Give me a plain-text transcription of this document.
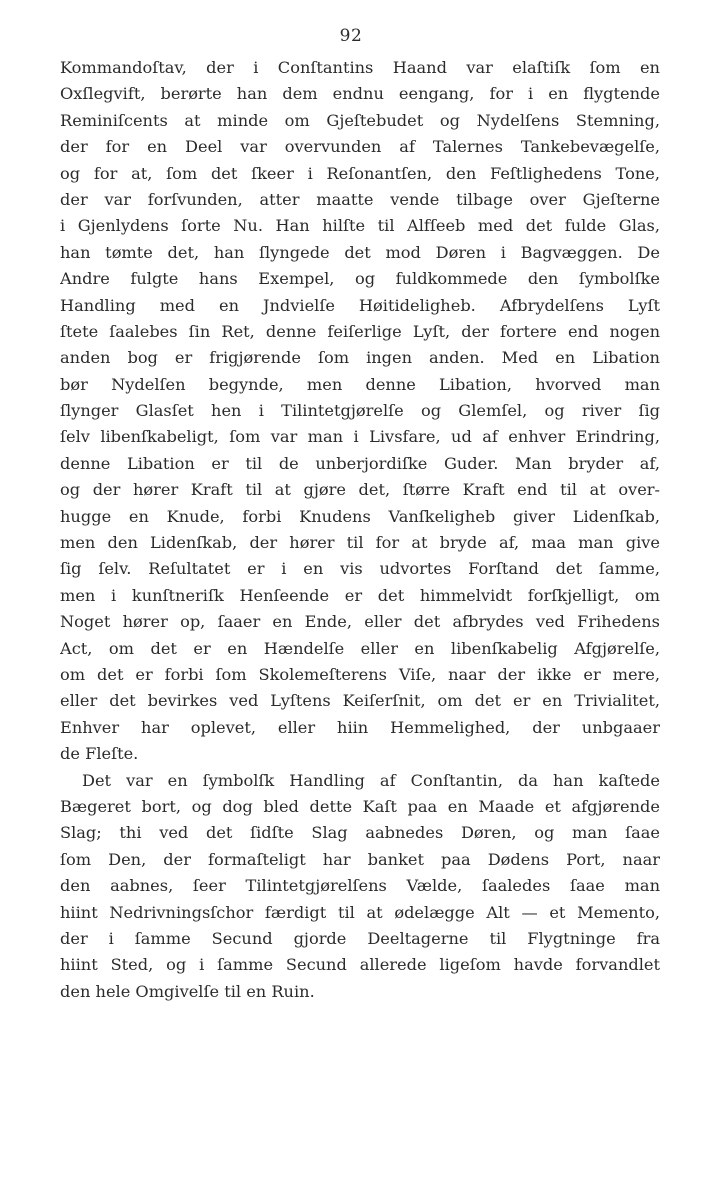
92
Kommandoſtav, der i Conſtantins Haand var elaſtiſk ſom en
Oxſlegvift, berørte han dem endnu eengang, for i en flygtende
Reminiſcents at minde om Gjeſtebudet og Nydelſens Stemning,
der for en Deel var overvunden af Talernes Tankebevægelſe,
og for at, ſom det ſkeer i Reſonantſen, den Feſtlighedens Tone,
der var forſvunden, atter maatte vende tilbage over Gjeſterne
i Gjenlydens ſorte Nu. Han hilſte til Alfſeeb med det fulde Glas,
han tømte det, han ſlyngede det mod Døren i Bagvæggen. De
Andre fulgte hans Exempel, og fuldkommede den ſymbolſke
Handling med en Jndvielſe Høitideligheb. Afbrydelſens Lyſt
ſtete ſaalebes ſin Ret, denne feiſerlige Lyſt, der fortere end nogen
anden bog er frigjørende ſom ingen anden. Med en Libation
bør Nydelſen begynde, men denne Libation, hvorved man
ſlynger Glasſet hen i Tilintetgjørelſe og Glemſel, og river ſig
ſelv libenſkabeligt, ſom var man i Livsfare, ud af enhver Erindring,
denne Libation er til de unberjordiſke Guder. Man bryder af,
og der hører Kraft til at gjøre det, ſtørre Kraft end til at over-
hugge en Knude, forbi Knudens Vanſkeligheb giver Lidenſkab,
men den Lidenſkab, der hører til for at bryde af, maa man give
ſig ſelv. Reſultatet er i en vis udvortes Forſtand det ſamme,
men i kunſtneriſk Henſeende er det himmelvidt forſkjelligt, om
Noget hører op, ſaaer en Ende, eller det afbrydes ved Frihedens
Act, om det er en Hændelſe eller en libenſkabelig Afgjørelſe,
om det er forbi ſom Skolemeſterens Viſe, naar der ikke er mere,
eller det bevirkes ved Lyſtens Keiſerſnit, om det er en Trivialitet,
Enhver har oplevet, eller hiin Hemmelighed, der unbgaaer
de Fleſte.
Det var en ſymbolſk Handling af Conſtantin, da han kaſtede
Bægeret bort, og dog bled dette Kaſt paa en Maade et afgjørende
Slag; thi ved det ſidſte Slag aabnedes Døren, og man ſaae
ſom Den, der formaſteligt har banket paa Dødens Port, naar
den aabnes, ſeer Tilintetgjørelſens Vælde, ſaaledes ſaae man
hiint Nedrivningsſchor færdigt til at ødelægge Alt — et Memento,
der i ſamme Secund gjorde Deeltagerne til Flygtninge fra
hiint Sted, og i ſamme Secund allerede ligeſom havde forvandlet
den hele Omgivelſe til en Ruin.
